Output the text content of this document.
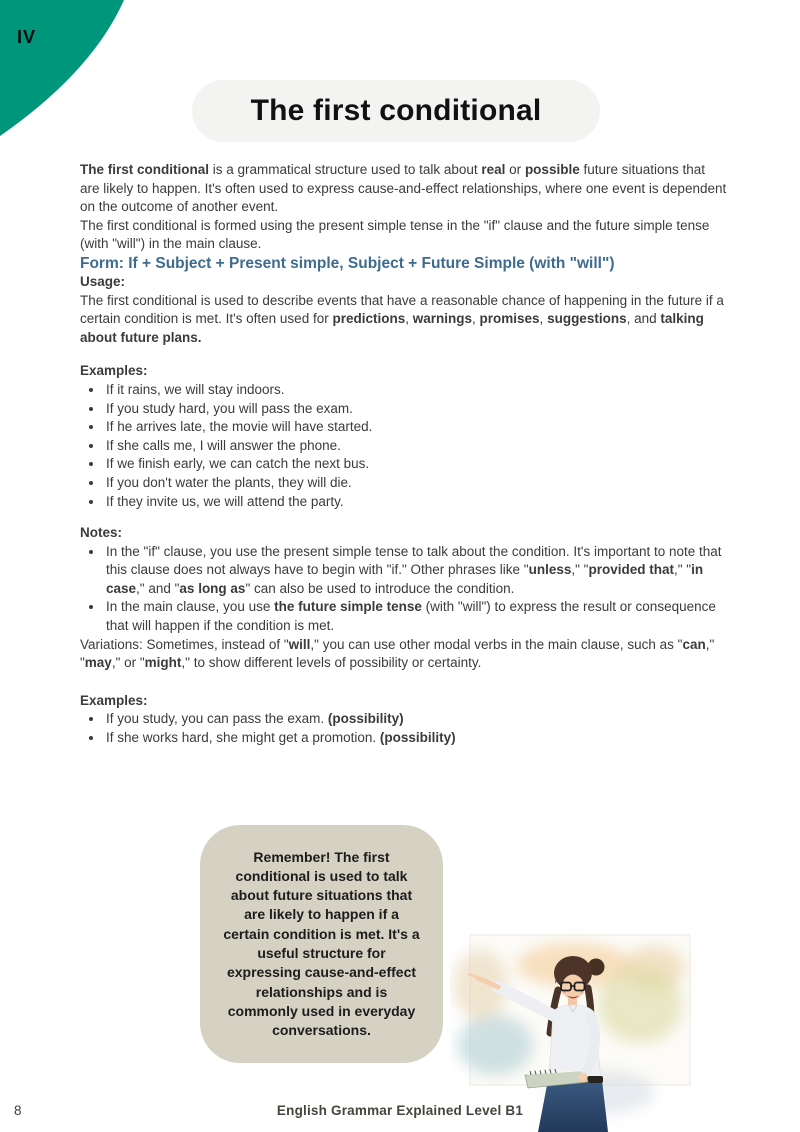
IV
The first conditional

The first conditional is a grammatical structure used to talk about real or possible future situations that are likely to happen. It's often used to express cause-and-effect relationships, where one event is dependent on the outcome of another event.

The first conditional is formed using the present simple tense in the "if" clause and the future simple tense (with "will") in the main clause.

Form: If + Subject + Present simple, Subject + Future Simple (with "will")

Usage:

The first conditional is used to describe events that have a reasonable chance of happening in the future if a certain condition is met. It's often used for predictions, warnings, promises, suggestions, and talking about future plans.

Examples:

• If it rains, we will stay indoors.
• If you study hard, you will pass the exam.
• If he arrives late, the movie will have started.
• If she calls me, I will answer the phone.
• If we finish early, we can catch the next bus.
• If you don't water the plants, they will die.
• If they invite us, we will attend the party.

Notes:

• In the "if" clause, you use the present simple tense to talk about the condition. It's important to note that this clause does not always have to begin with "if." Other phrases like "unless," "provided that," "in case," and "as long as" can also be used to introduce the condition.
• In the main clause, you use the future simple tense (with "will") to express the result or consequence that will happen if the condition is met.

Variations: Sometimes, instead of "will," you can use other modal verbs in the main clause, such as "can," "may," or "might," to show different levels of possibility or certainty.

Examples:

• If you study, you can pass the exam. (possibility)
• If she works hard, she might get a promotion. (possibility)

Remember! The first conditional is used to talk about future situations that are likely to happen if a certain condition is met. It's a useful structure for expressing cause-and-effect relationships and is commonly used in everyday conversations.

8	English Grammar Explained Level B1
